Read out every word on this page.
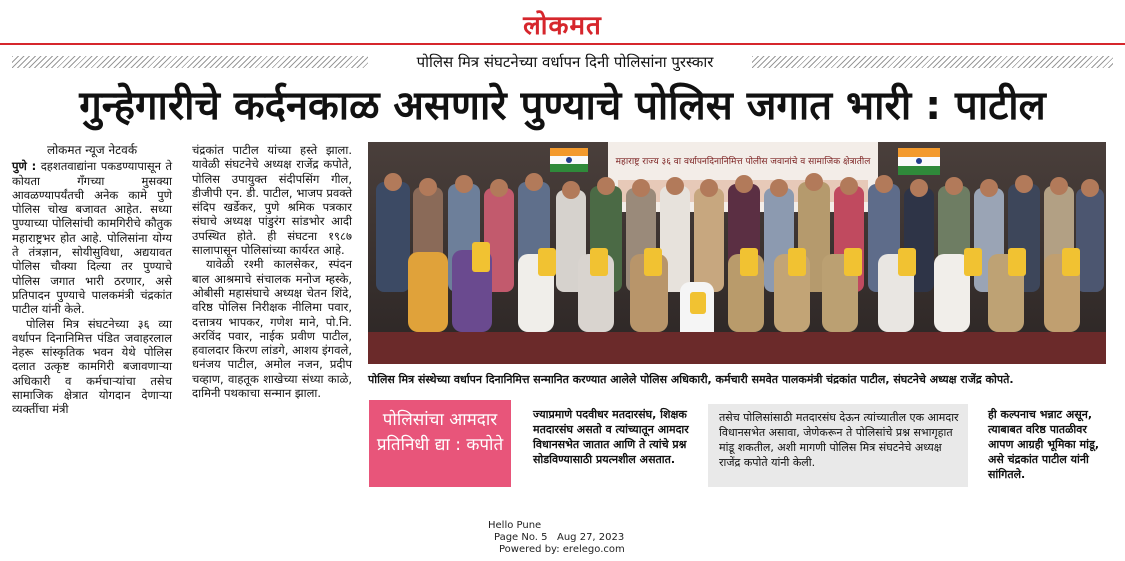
लोकमत
पोलिस मित्र संघटनेच्या वर्धापन दिनी पोलिसांना पुरस्कार
गुन्हेगारीचे कर्दनकाळ असणारे पुण्याचे पोलिस जगात भारी : पाटील

लोकमत न्यूज नेटवर्क

पुणे : दहशतवाद्यांना पकडण्यापासून ते कोयता गँगच्या मुसक्या आवळण्यापर्यंतची अनेक कामे पुणे पोलिस चोख बजावत आहेत. सध्या पुण्याच्या पोलिसांची कामगिरीचे कौतुक महाराष्ट्रभर होत आहे. पोलिसांना योग्य ते तंत्रज्ञान, सोयीसुविधा, अद्ययावत पोलिस चौक्या दिल्या तर पुण्याचे पोलिस जगात भारी ठरणार, असे प्रतिपादन पुण्याचे पालकमंत्री चंद्रकांत पाटील यांनी केले.

पोलिस मित्र संघटनेच्या ३६ व्या वर्धापन दिनानिमित्त पंडित जवाहरलाल नेहरू सांस्कृतिक भवन येथे पोलिस दलात उत्कृष्ट कामगिरी बजावणाऱ्या अधिकारी व कर्मचाऱ्यांचा तसेच सामाजिक क्षेत्रात योगदान देणाऱ्या व्यक्तींचा मंत्री

चंद्रकांत पाटील यांच्या हस्ते झाला. यावेळी संघटनेचे अध्यक्ष राजेंद्र कपोते, पोलिस उपायुक्त संदीपसिंग गील, डीजीपी एन. डी. पाटील, भाजप प्रवक्ते संदिप खर्डेकर, पुणे श्रमिक पत्रकार संघाचे अध्यक्ष पांडुरंग सांडभोर आदी उपस्थित होते. ही संघटना १९८७ सालापासून पोलिसांच्या कार्यरत आहे.

यावेळी रश्मी कालसेकर, स्पंदन बाल आश्रमाचे संचालक मनोज म्हस्के, ओबीसी महासंघाचे अध्यक्ष चेतन शिंदे, वरिष्ठ पोलिस निरीक्षक नीलिमा पवार, दत्तात्रय भापकर, गणेश माने, पो.नि. अरविंद पवार, नाईक प्रवीण पाटील, हवालदार किरण लांडगे, आशय इंगवले, धनंजय पाटील, अमोल नजन, प्रदीप चव्हाण, वाहतूक शाखेच्या संध्या काळे, दामिनी पथकाचा सन्मान झाला.

महाराष्ट्र राज्य ३६ वा वर्धापनदिनानिमित्त पोलीस जवानांचे व सामाजिक क्षेत्रातील
पोलिस मित्र संस्थेच्या वर्धापन दिनानिमित्त सन्मानित करण्यात आलेले पोलिस अधिकारी, कर्मचारी समवेत पालकमंत्री चंद्रकांत पाटील, संघटनेचे अध्यक्ष राजेंद्र कोपते.
पोलिसांचा आमदार प्रतिनिधी द्या : कपोते
ज्याप्रमाणे पदवीधर मतदारसंघ, शिक्षक मतदारसंघ असतो व त्यांच्यातून आमदार विधानसभेत जातात आणि ते त्यांचे प्रश्न सोडविण्यासाठी प्रयत्नशील असतात.
तसेच पोलिसांसाठी मतदारसंघ देऊन त्यांच्यातील एक आमदार विधानसभेत असावा, जेणेकरून ते पोलिसांचे प्रश्न सभागृहात मांडू शकतील, अशी मागणी पोलिस मित्र संघटनेचे अध्यक्ष राजेंद्र कपोते यांनी केली.
ही कल्पनाच भन्नाट असून, त्याबाबत वरिष्ठ पातळीवर आपण आग्रही भूमिका मांडू, असे चंद्रकांत पाटील यांनी सांगितले.
Hello Pune
Page No. 5 Aug 27, 2023
Powered by: erelego.com
